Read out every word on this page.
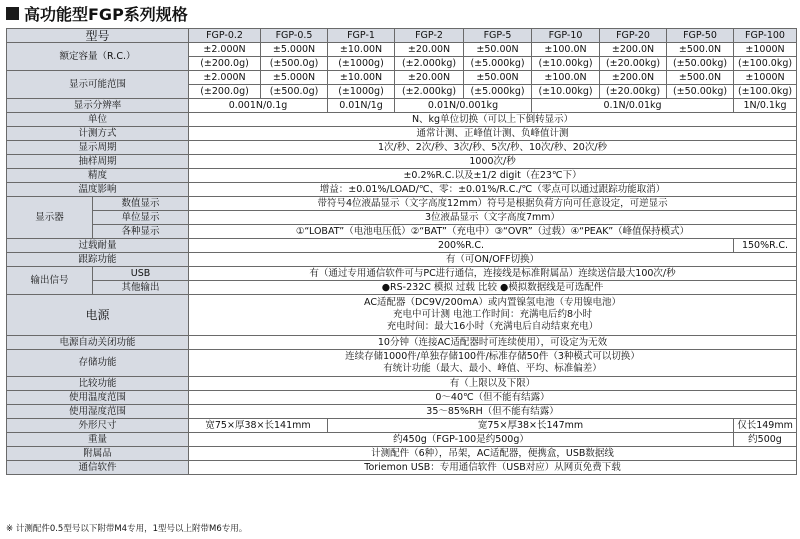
高功能型FGP系列规格
型号		FGP-0.2	FGP-0.5	FGP-1	FGP-2	FGP-5	FGP-10	FGP-20	FGP-50	FGP-100
额定容量（R.C.）		±2.000N	±5.000N	±10.00N	±20.00N	±50.00N	±100.0N	±200.0N	±500.0N	±1000N
		(±200.0g)	(±500.0g)	(±1000g)	(±2.000kg)	(±5.000kg)	(±10.00kg)	(±20.00kg)	(±50.00kg)	(±100.0kg)
显示可能范围		±2.000N	±5.000N	±10.00N	±20.00N	±50.00N	±100.0N	±200.0N	±500.0N	±1000N
		(±200.0g)	(±500.0g)	(±1000g)	(±2.000kg)	(±5.000kg)	(±10.00kg)	(±20.00kg)	(±50.00kg)	(±100.0kg)
显示分辨率		0.001N/0.1g		0.01N/1g	0.01N/0.001kg		0.1N/0.01kg			1N/0.1kg
单位		N、kg单位切换（可以上下倒转显示）								
计测方式		通常计测、正峰值计测、负峰值计测								
显示周期		1次/秒、2次/秒、3次/秒、5次/秒、10次/秒、20次/秒								
抽样周期		1000次/秒								
精度		±0.2%R.C.以及±1/2 digit（在23℃下）								
温度影响		增益：±0.01%/LOAD/℃、零：±0.01%/R.C./℃（零点可以通过跟踪功能取消）								
显示器	数值显示	带符号4位液晶显示（文字高度12mm）符号是根据负荷方向可任意设定，可逆显示								
	单位显示	3位液晶显示（文字高度7mm）								
	各种显示	①“LOBAT”（电池电压低）②“BAT”（充电中）③“OVR”（过载）④“PEAK”（峰值保持模式）								
过载耐量		200%R.C.								150%R.C.
跟踪功能		有（可ON/OFF切换）								
输出信号	USB	有（通过专用通信软件可与PC进行通信，连接线是标准附属品）连续送信最大100次/秒								
	其他输出	●RS-232C 模拟 过载 比较 ●模拟数据线是可选配件								
电源		AC适配器（DC9V/200mA）或内置镍氢电池（专用镍电池）
充电中可计测 电池工作时间：充满电后约8小时
充电时间：最大16小时（充满电后自动结束充电）								

电源自动关闭功能		10分钟（连接AC适配器时可连续使用），可设定为无效								
存储功能		连续存储1000件/单独存储100件/标准存储50件（3种模式可以切换）
有统计功能（最大、最小、峰值、平均、标准偏差）								

比较功能		有（上限以及下限）								
使用温度范围		0～40℃（但不能有结露）								
使用湿度范围		35～85%RH（但不能有结露）								
外形尺寸		宽75×厚38×长141mm		宽75×厚38×长147mm						仅长149mm
重量		约450g（FGP-100是约500g）								约500g
附属品		计测配件（6种），吊架，AC适配器，便携盒，USB数据线								
通信软件		Toriemon USB：专用通信软件（USB对应）从网页免费下载								
※ 计测配件0.5型号以下附带M4专用，1型号以上附带M6专用。
